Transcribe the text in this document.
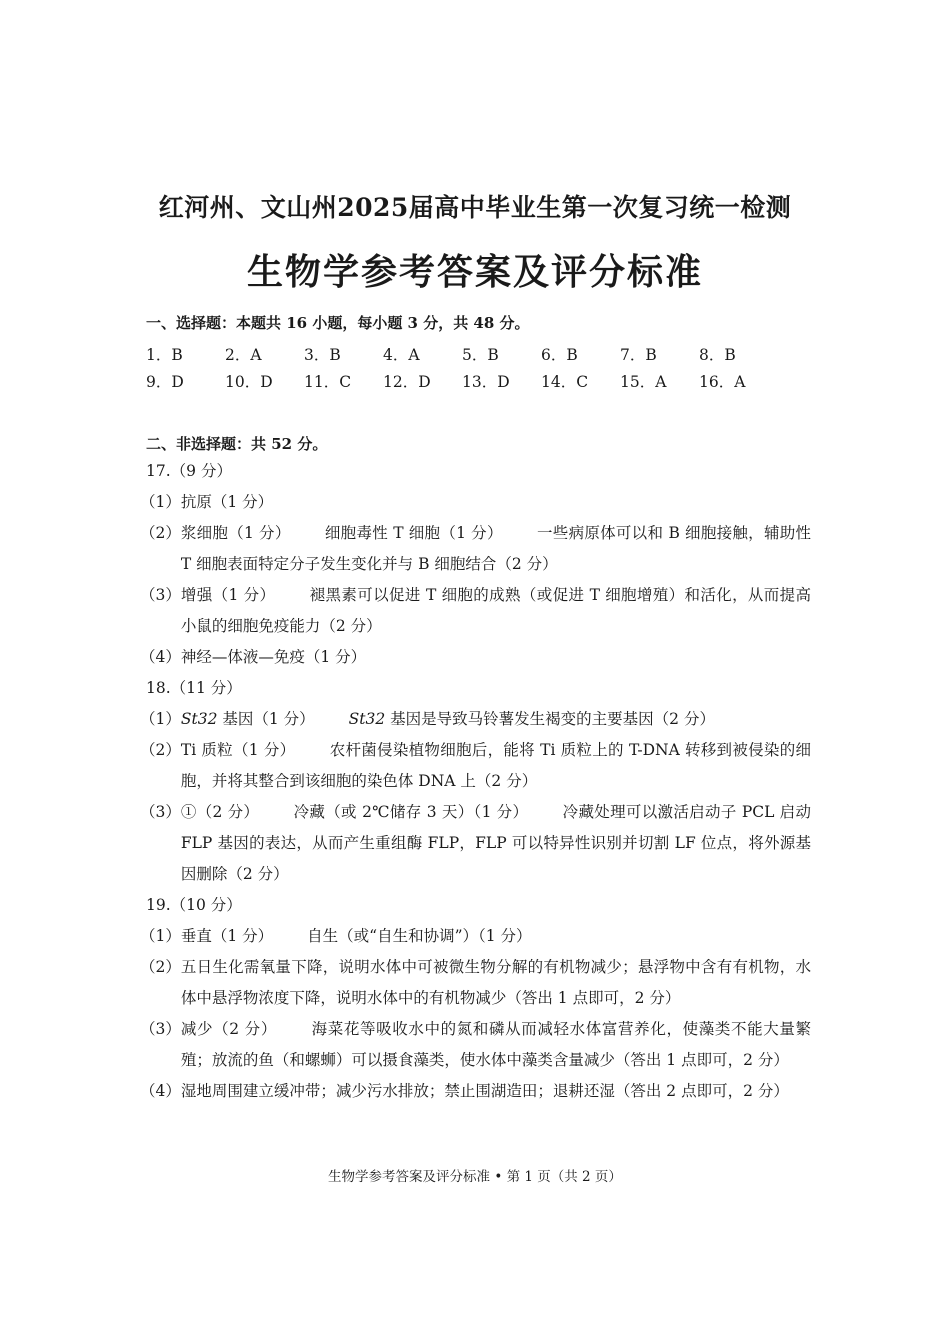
红河州、文山州2025届高中毕业生第一次复习统一检测
生物学参考答案及评分标准
一、选择题：本题共 16 小题，每小题 3 分，共 48 分。
1．B	2．A	3．B	4．A	5．B	6．B	7．B	8．B
9．D	10．D 11．C 12．D 13．D 14．C 15．A 16．A
二、非选择题：共 52 分。
17.（9 分）
（1） 抗原（1 分）
（2） 浆细胞（1 分） 细胞毒性 T 细胞（1 分） 一些病原体可以和 B 细胞接触，辅助性 T 细胞表面特定分子发生变化并与 B 细胞结合（2 分）
（3） 增强（1 分） 褪黑素可以促进 T 细胞的成熟（或促进 T 细胞增殖）和活化，从而提高小鼠的细胞免疫能力（2 分）
（4） 神经—体液—免疫（1 分）
18.（11 分）
（1） St32 基因（1 分） St32 基因是导致马铃薯发生褐变的主要基因（2 分）
（2） Ti 质粒（1 分） 农杆菌侵染植物细胞后，能将 Ti 质粒上的 T-DNA 转移到被侵染的细胞，并将其整合到该细胞的染色体 DNA 上（2 分）
（3） ①（2 分） 冷藏（或 2℃储存 3 天）（1 分） 冷藏处理可以激活启动子 PCL 启动 FLP 基因的表达，从而产生重组酶 FLP，FLP 可以特异性识别并切割 LF 位点，将外源基因删除（2 分）
19.（10 分）
（1） 垂直（1 分） 自生（或“自生和协调”）（1 分）
（2） 五日生化需氧量下降，说明水体中可被微生物分解的有机物减少；悬浮物中含有有机物，水体中悬浮物浓度下降，说明水体中的有机物减少（答出 1 点即可，2 分）
（3） 减少（2 分） 海菜花等吸收水中的氮和磷从而减轻水体富营养化，使藻类不能大量繁殖；放流的鱼（和螺蛳）可以摄食藻类，使水体中藻类含量减少（答出 1 点即可，2 分）
（4） 湿地周围建立缓冲带；减少污水排放；禁止围湖造田；退耕还湿（答出 2 点即可，2 分）
生物学参考答案及评分标准 • 第 1 页（共 2 页）
